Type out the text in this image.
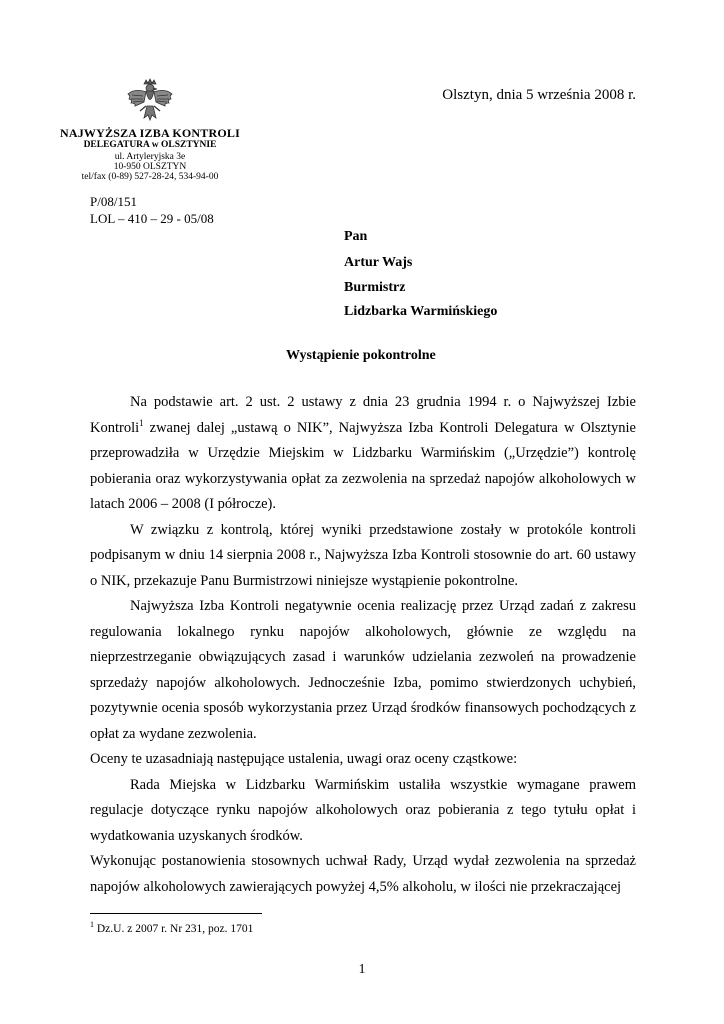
NAJWYŻSZA IZBA KONTROLI
DELEGATURA w OLSZTYNIE
ul. Artyleryjska 3e
10-950 OLSZTYN
tel/fax (0-89) 527-28-24, 534-94-00
Olsztyn, dnia 5 września 2008 r.
P/08/151
LOL – 410 – 29 - 05/08
Pan
Artur Wajs
Burmistrz
Lidzbarka Warmińskiego
Wystąpienie pokontrolne

Na podstawie art. 2 ust. 2 ustawy z dnia 23 grudnia 1994 r. o Najwyższej Izbie Kontroli$^1$ zwanej dalej „ustawą o NIK”, Najwyższa Izba Kontroli Delegatura w Olsztynie przeprowadziła w Urzędzie Miejskim w Lidzbarku Warmińskim („Urzędzie”) kontrolę pobierania oraz wykorzystywania opłat za zezwolenia na sprzedaż napojów alkoholowych w latach 2006 – 2008 (I półrocze).

W związku z kontrolą, której wyniki przedstawione zostały w protokóle kontroli podpisanym w dniu 14 sierpnia 2008 r., Najwyższa Izba Kontroli stosownie do art. 60 ustawy o NIK, przekazuje Panu Burmistrzowi niniejsze wystąpienie pokontrolne.

Najwyższa Izba Kontroli negatywnie ocenia realizację przez Urząd zadań z zakresu regulowania lokalnego rynku napojów alkoholowych, głównie ze względu na nieprzestrzeganie obwiązujących zasad i warunków udzielania zezwoleń na prowadzenie sprzedaży napojów alkoholowych. Jednocześnie Izba, pomimo stwierdzonych uchybień, pozytywnie ocenia sposób wykorzystania przez Urząd środków finansowych pochodzących z opłat za wydane zezwolenia.

Oceny te uzasadniają następujące ustalenia, uwagi oraz oceny cząstkowe:

Rada Miejska w Lidzbarku Warmińskim ustaliła wszystkie wymagane prawem regulacje dotyczące rynku napojów alkoholowych oraz pobierania z tego tytułu opłat i wydatkowania uzyskanych środków.

Wykonując postanowienia stosownych uchwał Rady, Urząd wydał zezwolenia na sprzedaż napojów alkoholowych zawierających powyżej 4,5% alkoholu, w ilości nie przekraczającej

$^1$ Dz.U. z 2007 r. Nr 231, poz. 1701
1
